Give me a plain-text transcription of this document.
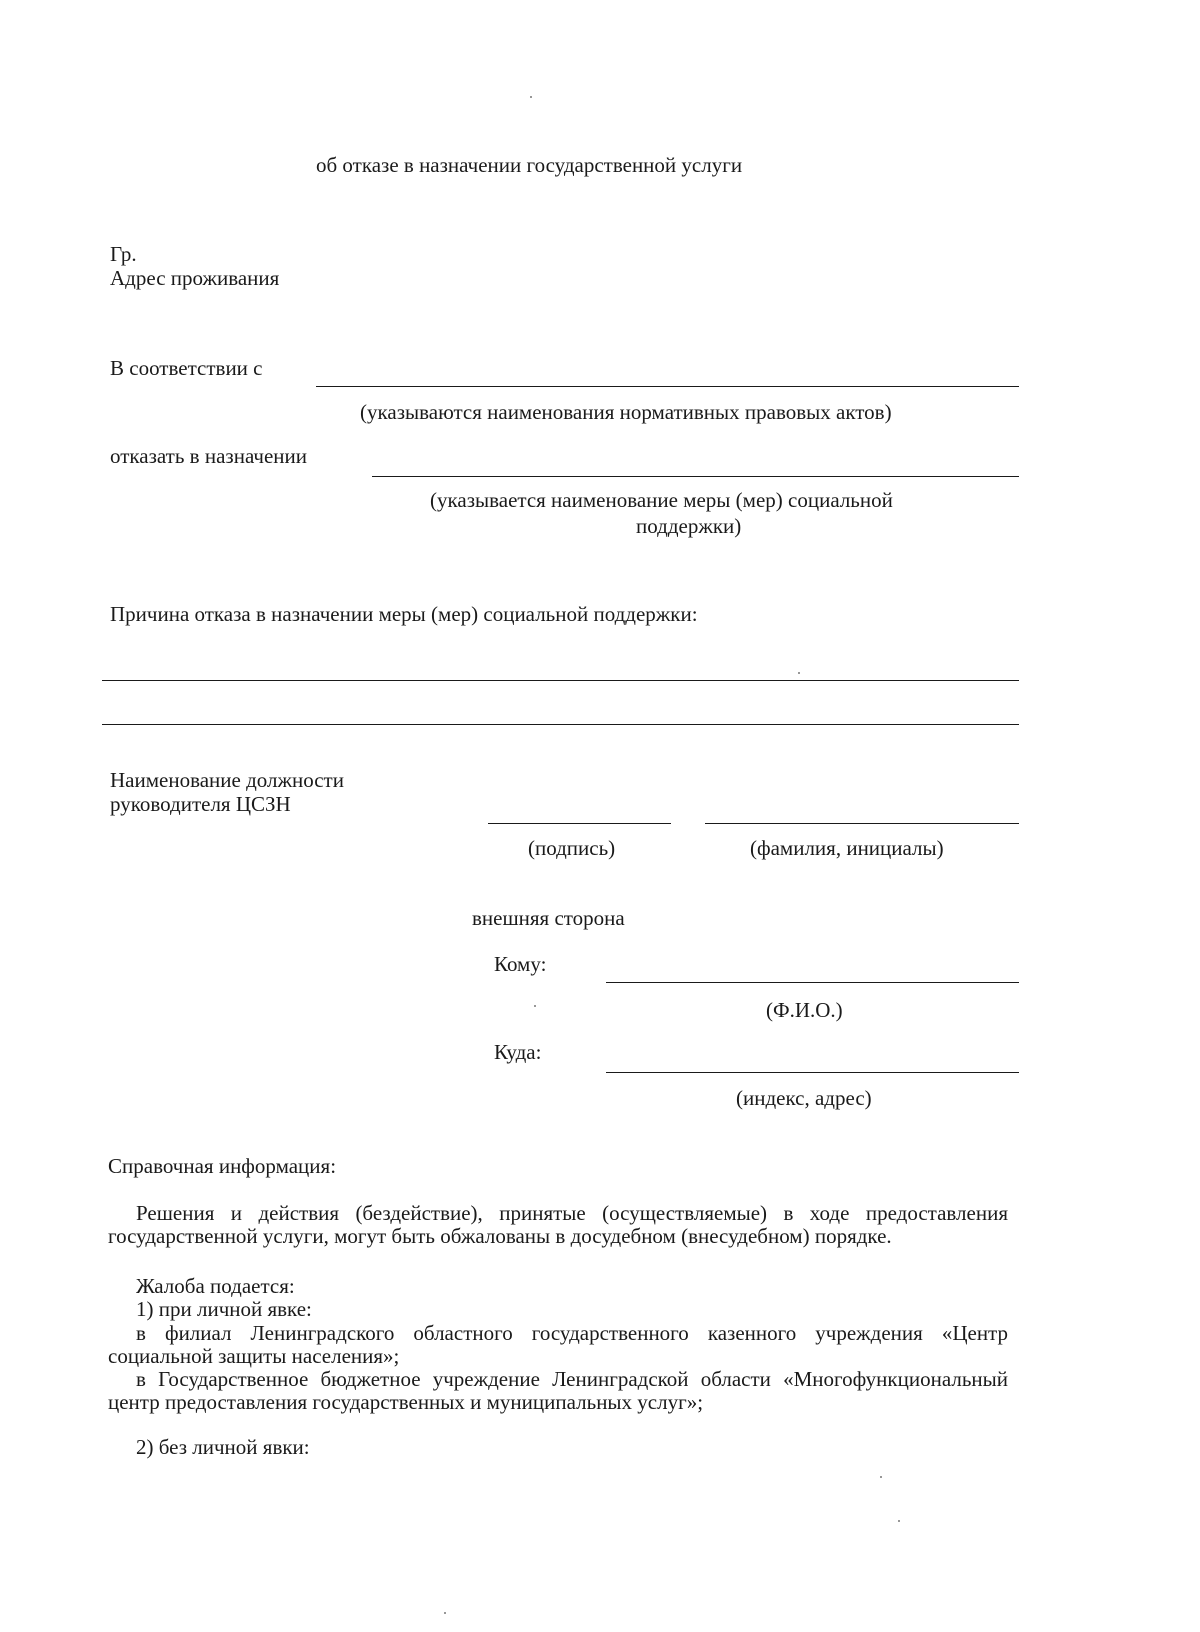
об отказе в назначении государственной услуги
Гр.
Адрес проживания
В соответствии с
(указываются наименования нормативных правовых актов)
отказать в назначении
(указывается наименование меры (мер) социальной
поддержки)
Причина отказа в назначении меры (мер) социальной поддержки:
Наименование должности
руководителя ЦСЗН
(подпись)	(фамилия, инициалы)
внешняя сторона
Кому:
(Ф.И.О.)
Куда:
(индекс, адрес)
Справочная информация:
Решения и действия (бездействие), принятые (осуществляемые) в ходе предоставления государственной услуги, могут быть обжалованы в досудебном (внесудебном) порядке.
Жалоба подается:
1) при личной явке:
в филиал Ленинградского областного государственного казенного учреждения «Центр социальной защиты населения»;
в Государственное бюджетное учреждение Ленинградской области «Многофункциональный центр предоставления государственных и муниципальных услуг»;
2) без личной явки:
